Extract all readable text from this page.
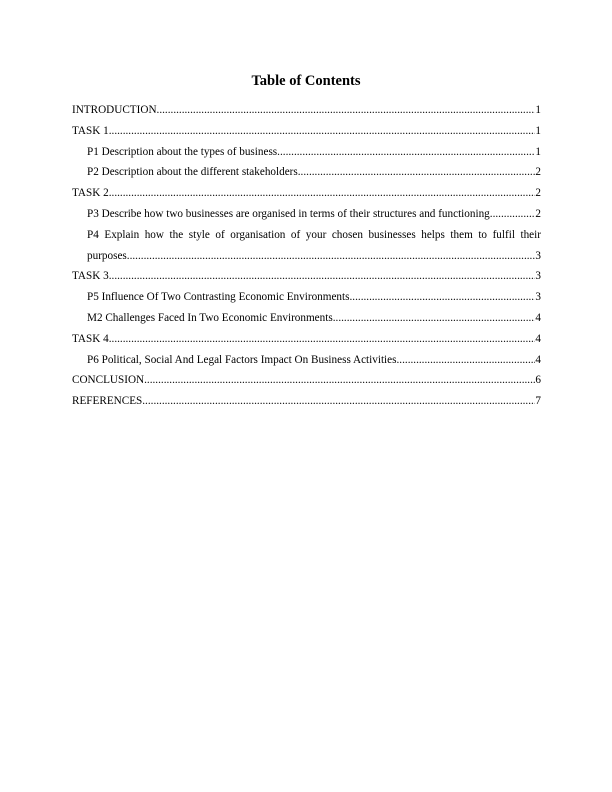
Table of Contents
INTRODUCTION .....	1
TASK 1 .....	1
P1 Description about the types of business .....	1
P2 Description about the different stakeholders .....	2
TASK 2 .....	2
P3 Describe how two businesses are organised in terms of their structures and functioning .....	2
P4 Explain how the style of organisation of your chosen businesses helps them to fulfil their
purposes. .....	3
TASK 3 .....	3
P5 Influence Of Two Contrasting Economic Environments .....	3
M2 Challenges Faced In Two Economic Environments .....	4
TASK 4 .....	4
P6 Political, Social And Legal Factors Impact On Business Activities .....	4
CONCLUSION .....	6
REFERENCES .....	7
